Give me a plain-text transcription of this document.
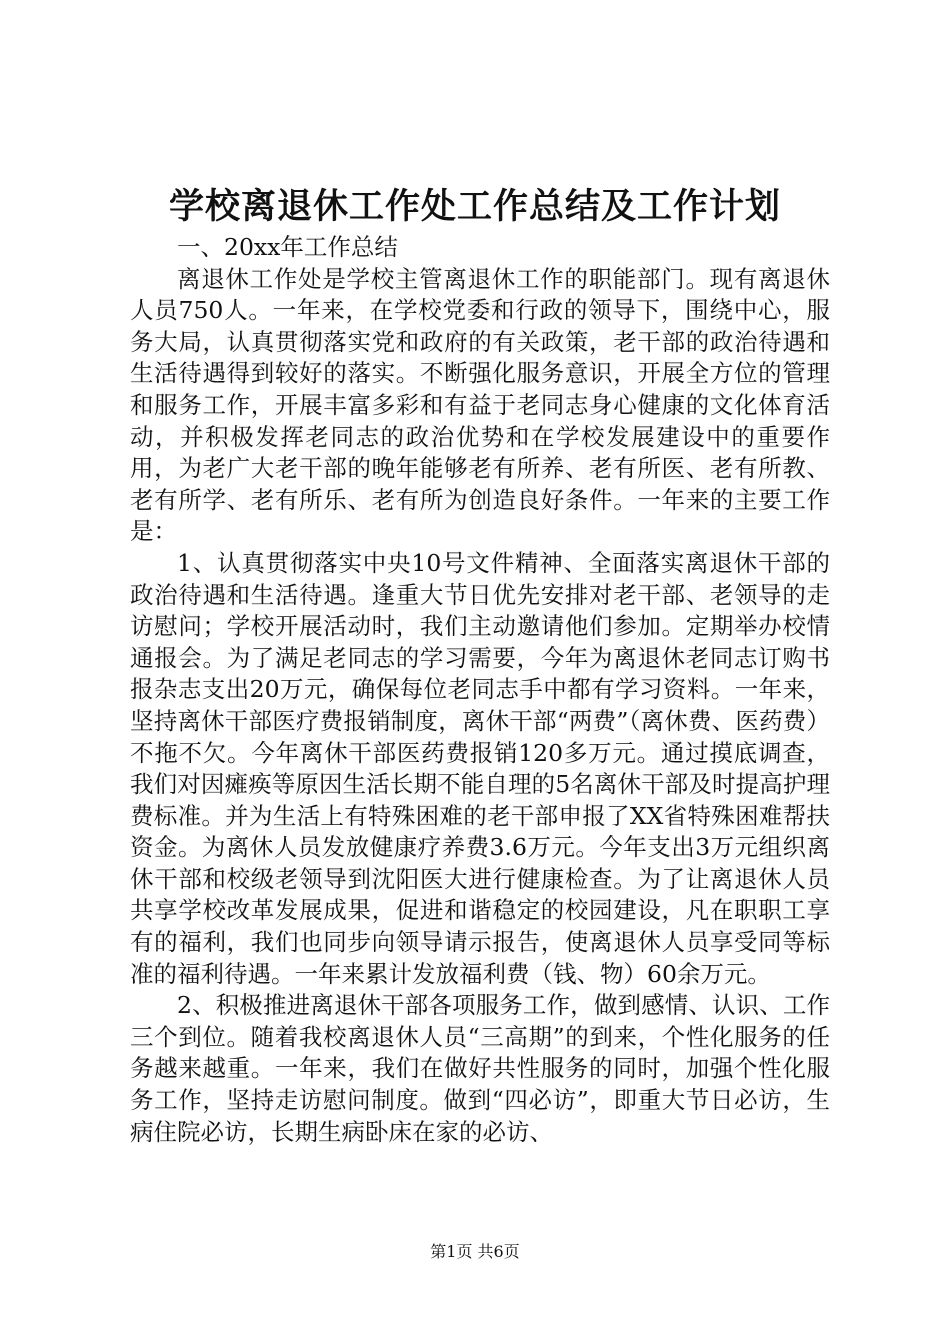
学校离退休工作处工作总结及工作计划

一、20xx年工作总结

离退休工作处是学校主管离退休工作的职能部门。现有离退休人员750人。一年来，在学校党委和行政的领导下，围绕中心，服务大局，认真贯彻落实党和政府的有关政策，老干部的政治待遇和生活待遇得到较好的落实。不断强化服务意识，开展全方位的管理和服务工作，开展丰富多彩和有益于老同志身心健康的文化体育活动，并积极发挥老同志的政治优势和在学校发展建设中的重要作用，为老广大老干部的晚年能够老有所养、老有所医、老有所教、老有所学、老有所乐、老有所为创造良好条件。一年来的主要工作是：

1、认真贯彻落实中央10号文件精神、全面落实离退休干部的政治待遇和生活待遇。逢重大节日优先安排对老干部、老领导的走访慰问；学校开展活动时，我们主动邀请他们参加。定期举办校情通报会。为了满足老同志的学习需要，今年为离退休老同志订购书报杂志支出20万元，确保每位老同志手中都有学习资料。一年来，坚持离休干部医疗费报销制度，离休干部“两费”（离休费、医药费）不拖不欠。今年离休干部医药费报销120多万元。通过摸底调查，我们对因瘫痪等原因生活长期不能自理的5名离休干部及时提高护理费标准。并为生活上有特殊困难的老干部申报了XX省特殊困难帮扶资金。为离休人员发放健康疗养费3.6万元。今年支出3万元组织离休干部和校级老领导到沈阳医大进行健康检查。为了让离退休人员共享学校改革发展成果，促进和谐稳定的校园建设，凡在职职工享有的福利，我们也同步向领导请示报告，使离退休人员享受同等标准的福利待遇。一年来累计发放福利费（钱、物）60余万元。

2、积极推进离退休干部各项服务工作，做到感情、认识、工作三个到位。随着我校离退休人员“三高期”的到来，个性化服务的任务越来越重。一年来，我们在做好共性服务的同时，加强个性化服务工作，坚持走访慰问制度。做到“四必访”，即重大节日必访，生病住院必访，长期生病卧床在家的必访、

第1页 共6页
